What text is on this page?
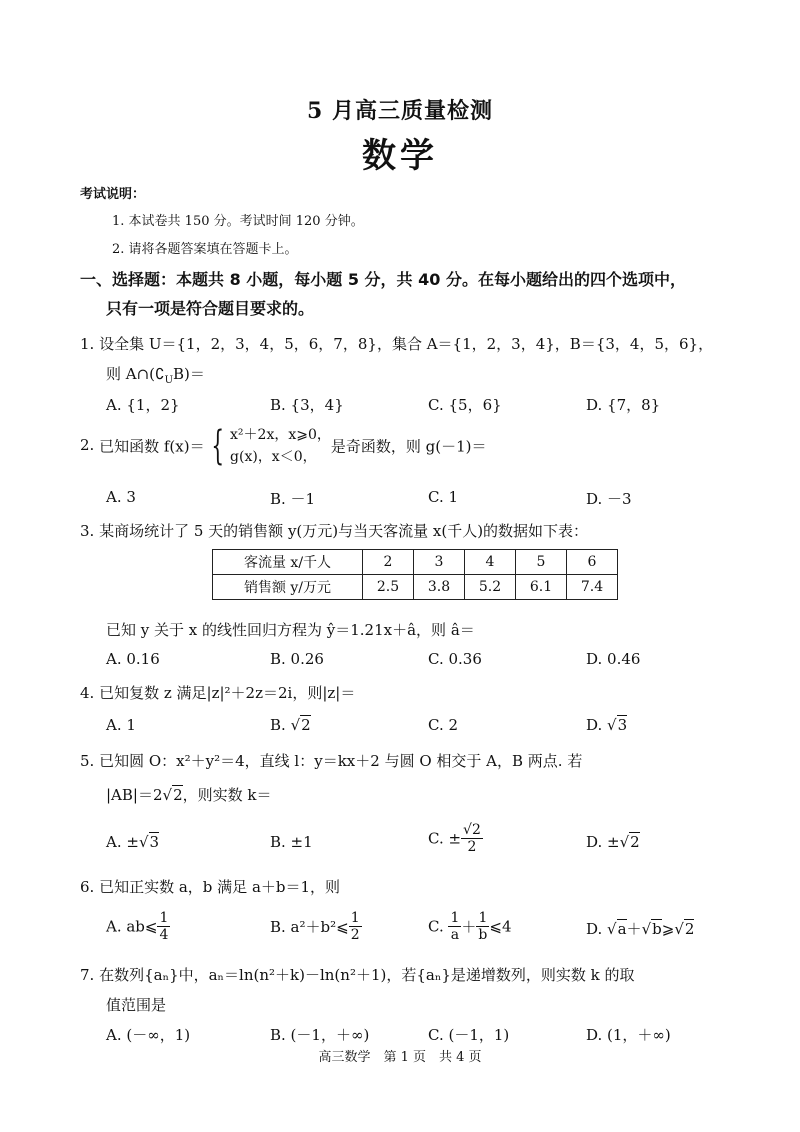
5 月高三质量检测
数学
考试说明：
1. 本试卷共 150 分。考试时间 120 分钟。
2. 请将各题答案填在答题卡上。
一、选择题：本题共 8 小题，每小题 5 分，共 40 分。在每小题给出的四个选项中，
只有一项是符合题目要求的。
1. 设全集 U＝{1，2，3，4，5，6，7，8}，集合 A＝{1，2，3，4}，B＝{3，4，5，6}，
则 $A\cap(∁_UB)=$
A. {1，2}	B. {3，4}	C. {5，6}	D. {7，8}
2. 已知函数 f(x)＝ { x²＋2x，x⩾0，
g(x)，x＜0，
是奇函数，则 g(－1)＝
A. 3	B. －1	C. 1	D. －3
3. 某商场统计了 5 天的销售额 y(万元)与当天客流量 x(千人)的数据如下表：
客流量 x/千人	2	3	4	5	6
销售额 y/万元	2.5	3.8	5.2	6.1	7.4
已知 y 关于 x 的线性回归方程为 ŷ＝1.21x＋â，则 â＝
A. 0.16	B. 0.26	C. 0.36	D. 0.46
4. 已知复数 z 满足|z|²＋2z＝2i，则|z|＝
A. 1	B. √2	C. 2	D. √3
5. 已知圆 O：x²＋y²＝4，直线 l：y＝kx＋2 与圆 O 相交于 A，B 两点. 若
|AB|＝2√2，则实数 k＝
A. ±√3	B. ±1	C. ± $\frac{√2}{2}$	D. ±√2
6. 已知正实数 a，b 满足 a＋b＝1，则
A. ab⩽ $\frac{1}{4}$	B. a²＋b²⩽ $\frac{1}{2}$	C. $\frac{1}{a} + \frac{1}{b}$ ⩽4	D. √a＋√b⩾√2
7. 在数列{aₙ}中，aₙ＝ln(n²＋k)－ln(n²＋1)，若{aₙ}是递增数列，则实数 k 的取
值范围是
A. (－∞，1)	B. (－1，＋∞)	C. (－1，1)	D. (1，＋∞)
高三数学　第 1 页　共 4 页
